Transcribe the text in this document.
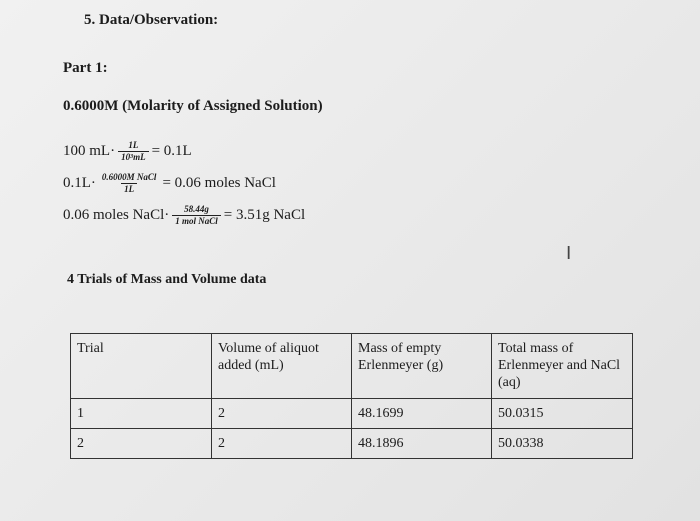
5. Data/Observation:
Part 1:
0.6000M (Molarity of Assigned Solution)
100 $mL\cdot \frac{1L}{10^3mL} = 0.1L$
$0.1L\cdot \frac{\text{0.6000M NaCl}}{1L} = 0.06$ moles NaCl
0.06 moles NaCl· $\frac{58.44g}{\text{1 mol NaCl}} = 3.51g$ NaCl
Ⅰ
4 Trials of Mass and Volume data
Trial	Volume of aliquot added (mL)	Mass of empty Erlenmeyer (g)	Total mass of Erlenmeyer and NaCl (aq)
1	2	48.1699	50.0315
2	2	48.1896	50.0338
